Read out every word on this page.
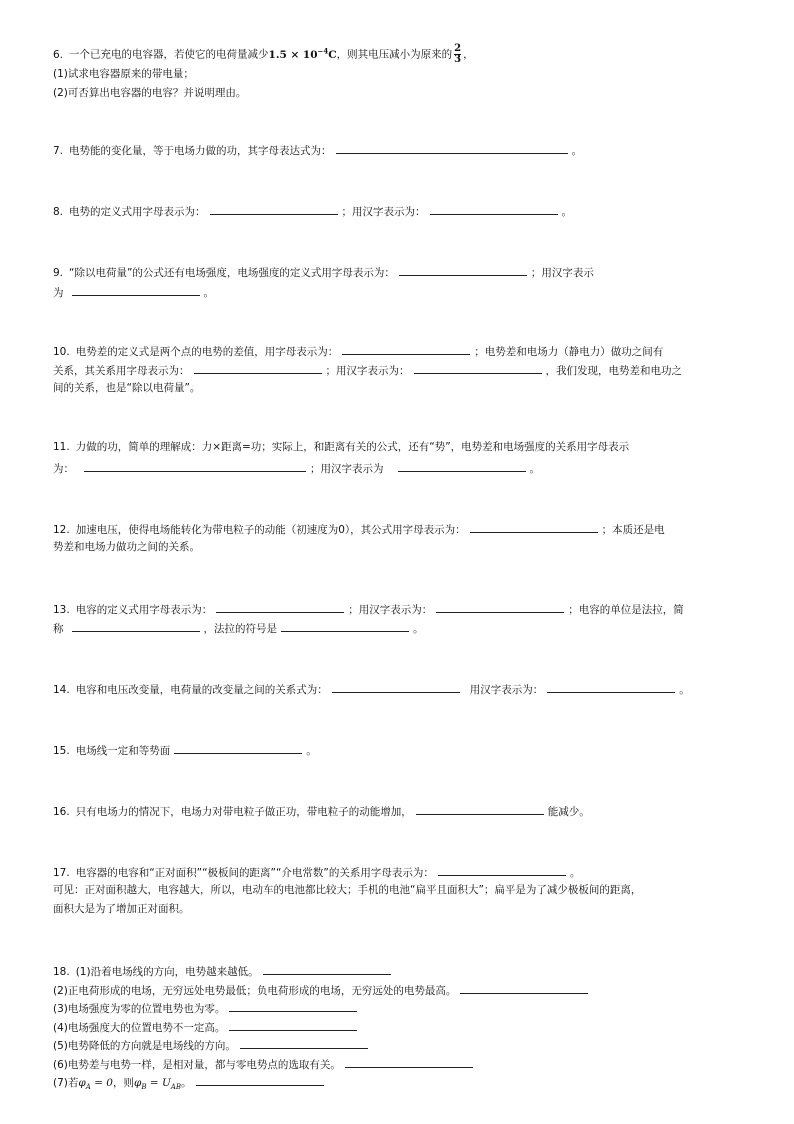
6. 一个已充电的电容器，若使它的电荷量减少$1.5 \times 10^{-4}C$，则其电压减小为原来的 $\frac{2}{3}$ ，
(1)试求电容器原来的带电量；
(2)可否算出电容器的电容？并说明理由。
7. 电势能的变化量，等于电场力做的功，其字母表达式为：	。
8. 电势的定义式用字母表示为：	；用汉字表示为：	。
9. “除以电荷量”的公式还有电场强度，电场强度的定义式用字母表示为：	；用汉字表示
为	。
10. 电势差的定义式是两个点的电势的差值，用字母表示为：	；电势差和电场力（静电力）做功之间有
关系，其关系用字母表示为：	；用汉字表示为：	，我们发现，电势差和电功之
间的关系，也是“除以电荷量”。
11. 力做的功，简单的理解成：力×距离=功；实际上，和距离有关的公式，还有“势”，电势差和电场强度的关系用字母表示
为：	；用汉字表示为	。
12. 加速电压，使得电场能转化为带电粒子的动能（初速度为0），其公式用字母表示为：	；本质还是电
势差和电场力做功之间的关系。
13. 电容的定义式用字母表示为：	；用汉字表示为：	；电容的单位是法拉，简
称	，法拉的符号是	。
14. 电容和电压改变量，电荷量的改变量之间的关系式为：	用汉字表示为：	。
15. 电场线一定和等势面	。
16. 只有电场力的情况下，电场力对带电粒子做正功，带电粒子的动能增加，	能减少。
17. 电容器的电容和“正对面积”“极板间的距离”“介电常数”的关系用字母表示为：	。
可见：正对面积越大，电容越大，所以，电动车的电池都比较大；手机的电池“扁平且面积大”；扁平是为了减少极板间的距离，
面积大是为了增加正对面积。
18. (1)沿着电场线的方向，电势越来越低。
(2)正电荷形成的电场，无穷远处电势最低；负电荷形成的电场，无穷远处的电势最高。
(3)电场强度为零的位置电势也为零。
(4)电场强度大的位置电势不一定高。
(5)电势降低的方向就是电场线的方向。
(6)电势差与电势一样，是相对量，都与零电势点的选取有关。
(7)若$\varphi_A = 0$，则$\varphi_B = U_{AB}$。
